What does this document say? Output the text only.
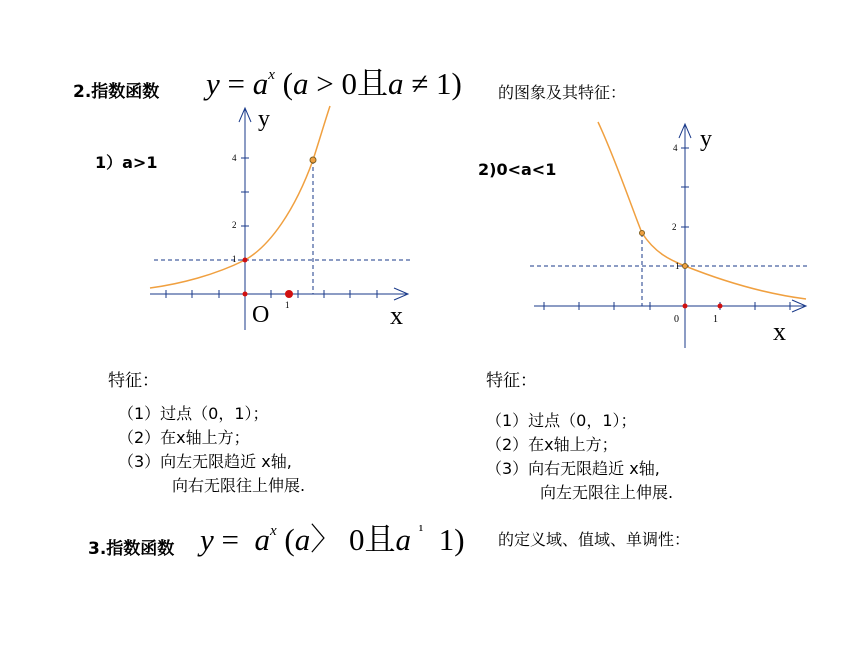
2.指数函数 $y = a^x$ (a > 0且a ≠ 1) 的图象及其特征：
1）a>1
y
x
O 1
1
2
4
2)0<a<1
y
x
0	1
1
2
4
特征：
（1）过点（0，1）；
（2）在x轴上方；
（3）向左无限趋近 x轴,
向右无限往上伸展.
特征：
（1）过点（0，1）；
（2）在x轴上方；
（3）向右无限趋近 x轴,
向左无限往上伸展.
3.指数函数 $y = a^x$ (a〉 0且a $^{^1}$ 1) 的定义域、值域、单调性：
